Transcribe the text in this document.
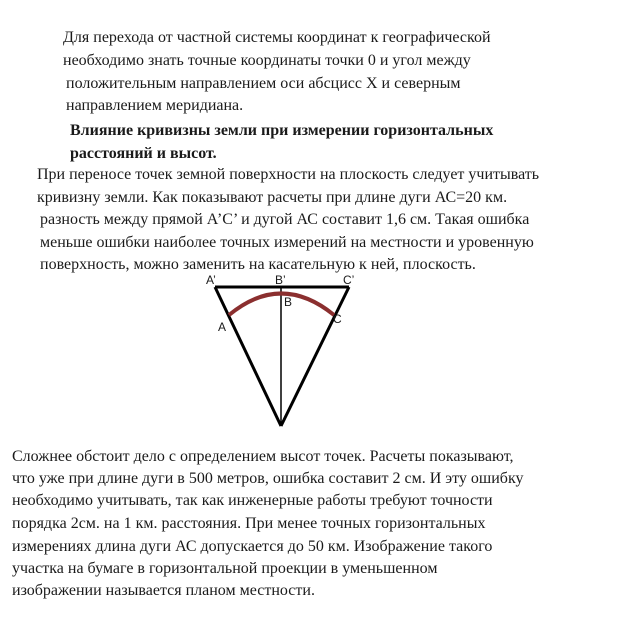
Для перехода от частной системы координат к географической
необходимо знать точные координаты точки 0 и угол между
положительным направлением оси абсцисс Х и северным
направлением меридиана.
Влияние кривизны земли при измерении горизонтальных
расстояний и высот.
При переносе точек земной поверхности на плоскость следует учитывать
кривизну земли. Как показывают расчеты при длине дуги АС=20 км.
разность между прямой А’С’ и дугой АС составит 1,6 см. Такая ошибка
меньше ошибки наиболее точных измерений на местности и уровенную
поверхность, можно заменить на касательную к ней, плоскость.
A’	B’	C’
B
A
C
Сложнее обстоит дело с определением высот точек. Расчеты показывают,
что уже при длине дуги в 500 метров, ошибка составит 2 см. И эту ошибку
необходимо учитывать, так как инженерные работы требуют точности
порядка 2см. на 1 км. расстояния. При менее точных горизонтальных
измерениях длина дуги АС допускается до 50 км. Изображение такого
участка на бумаге в горизонтальной проекции в уменьшенном
изображении называется планом местности.
